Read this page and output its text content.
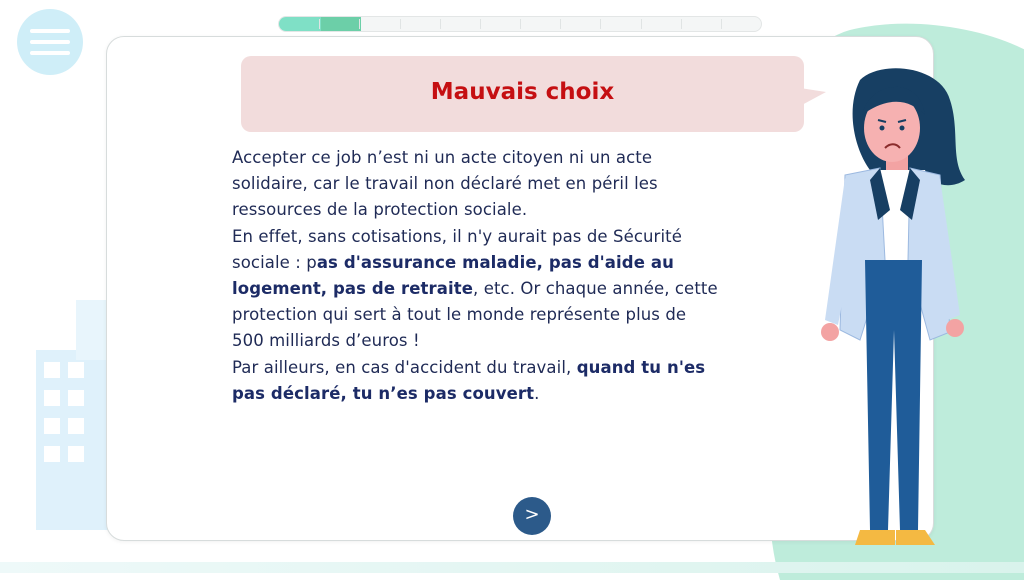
Mauvais choix

Accepter ce job n’est ni un acte citoyen ni un acte

solidaire, car le travail non déclaré met en péril les

ressources de la protection sociale.

En effet, sans cotisations, il n'y aurait pas de Sécurité

sociale : pas d'assurance maladie, pas d'aide au

logement, pas de retraite, etc. Or chaque année, cette

protection qui sert à tout le monde représente plus de

500 milliards d’euros !

Par ailleurs, en cas d'accident du travail, quand tu n'es

pas déclaré, tu n’es pas couvert.

>
